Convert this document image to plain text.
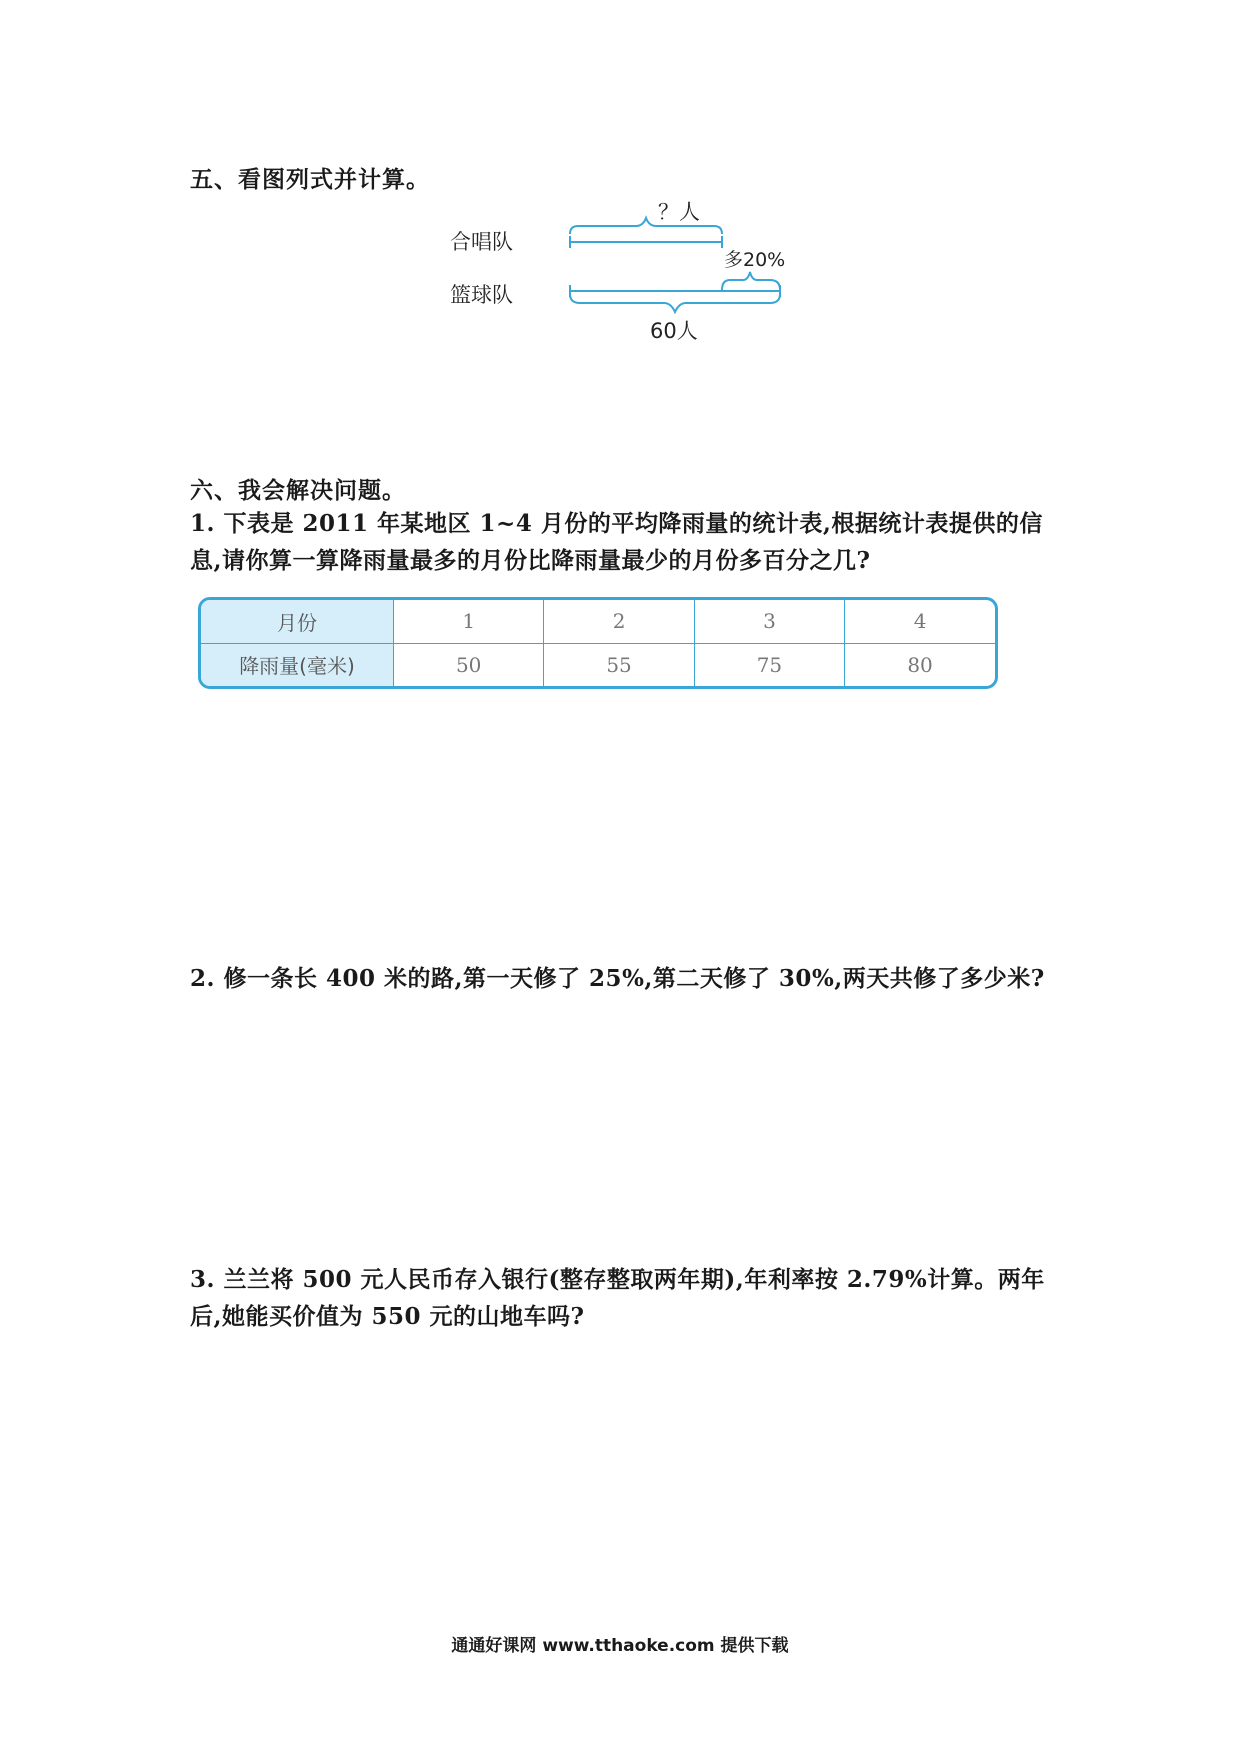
五、看图列式并计算。
合唱队
篮球队
？人
多20%
60人
六、我会解决问题。
1. 下表是 2011 年某地区 1~4 月份的平均降雨量的统计表,根据统计表提供的信
息,请你算一算降雨量最多的月份比降雨量最少的月份多百分之几?
月份	1	2	3	4
降雨量(毫米)	50	55	75	80
2. 修一条长 400 米的路,第一天修了 25%,第二天修了 30%,两天共修了多少米?
3. 兰兰将 500 元人民币存入银行(整存整取两年期),年利率按 2.79%计算。两年
后,她能买价值为 550 元的山地车吗?
通通好课网 www.tthaoke.com 提供下载
